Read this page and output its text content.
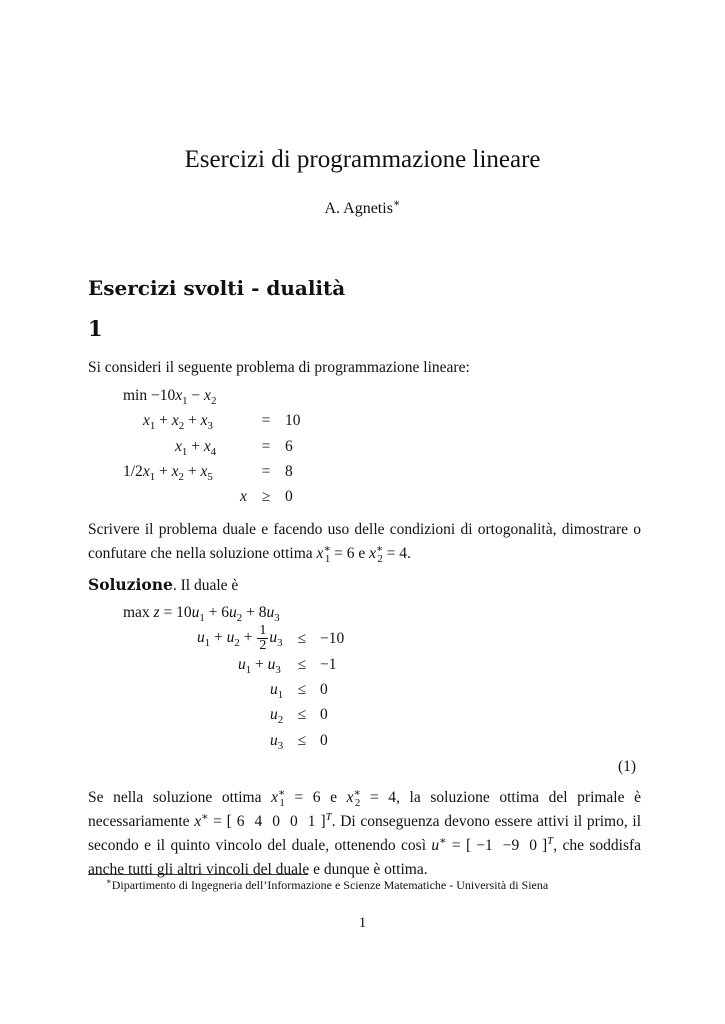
Esercizi di programmazione lineare
A. Agnetis∗
Esercizi svolti - dualità
1
Si consideri il seguente problema di programmazione lineare:
$\min -10x_1 - x_2$
$x_1 + x_2 + x_3$	= 10
$x_1 + x_4$	= 6
$1/2x_1 + x_2 + x_5$	= 8
x ≥ 0
Scrivere il problema duale e facendo uso delle condizioni di ortogonalità, dimostrare o confutare che nella soluzione ottima $x^∗_1 = 6$ e $x^∗_2 = 4$.
Soluzione. Il duale è
$\max z = 10u_1 + 6u_2 + 8u_3$
$u_1 + u_2 + \frac{1}{2} u_3 \le -10$
$u_1 + u_3$	≤ −1
$u_1 \le 0$
$u_2 \le 0$
$u_3 \le 0$
(1)
Se nella soluzione ottima $x^∗_1 = 6$ e $x^∗_2 = 4$, la soluzione ottima del primale è necessariamente x∗ = [ 6 4 0 0 1 ]$^T$. Di conseguenza devono essere attivi il primo, il secondo e il quinto vincolo del duale, ottenendo così u∗ = [ −1 −9 0 ]$^T$, che soddisfa anche tutti gli altri vincoli del duale e dunque è ottima.
∗Dipartimento di Ingegneria dell’Informazione e Scienze Matematiche - Università di Siena
1
